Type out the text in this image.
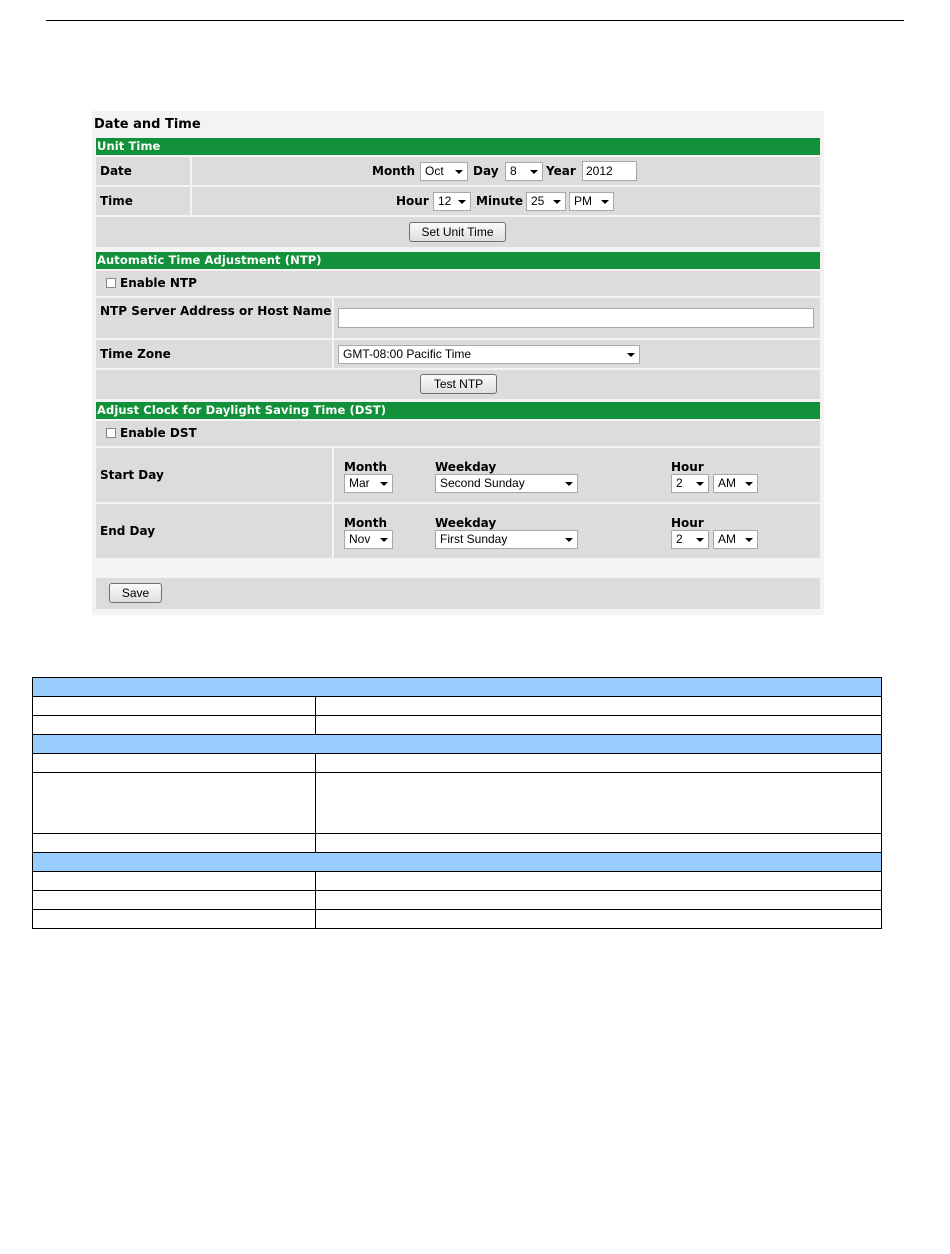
Date and Time
Unit Time
Date	Month Oct	Day 8	Year 2012
Time	Hour 12	Minute 25	PM
Set Unit Time
Automatic Time Adjustment (NTP)
Enable NTP
NTP Server Address or Host Name
Time Zone	GMT-08:00 Pacific Time
Test NTP
Adjust Clock for Daylight Saving Time (DST)
Enable DST
Start Day
Month	Weekday	Hour
Mar	Second Sunday	2	AM
End Day
Month	Weekday	Hour
Nov	First Sunday	2	AM
Save
